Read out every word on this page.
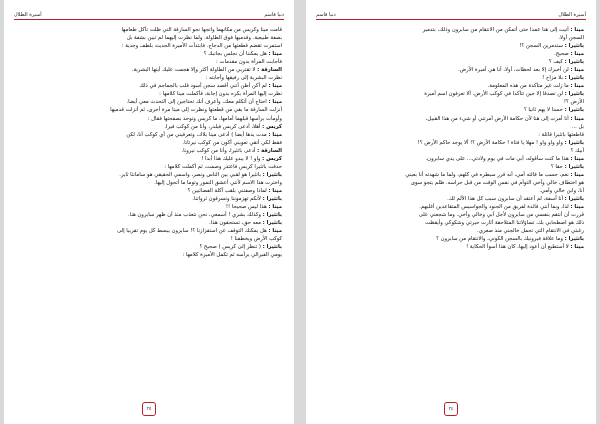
دنيا قاسم
أسيرة الظلال
قامت مينا وكريس من مكانهما واتجها نحو السارقة التي ظلت تأكل طعامها
بصفة طبيعية. وقدميها فوق الطاولة. ولما نظرت إليهما لم تبين بشفة بل
استمرت تقضم قطعتها من الدجاج. فابتدأت الأميرة الحديث بلطف وجدية :
مينا : هل يمكننا أن نجلس بجانبك ؟
فأجابت المرأة بدون مقدمات :
السارقة : لا تقتربي من الطاولة أكثر وإلا هجمت عليك أيتها البشرية.
نظرت البشرية إلى رفيقها وأجابته :
مينا : لم أكن أظن أنني أقصد سجن أسود قلب بالجماجم في ذلك
نظرت إليها المرأة بكره بدون إجابة، فأكملت مينا كلامها :
مينا : احتاج أن أتكلم معك، وأعرف أنك تحتاجين إلى التحدث معي أيضا.
أنزلت السارقة ما بقي من قطعتها ونظرت إلى مينا مرة أخرى، ثم أنزلت قدميها
وأومأت برأسها قبلهما أمامها، ما كريس وتوحد بصفحتها فقال :
كريس : أهلا، أدعى كريس فيلدر، وأنا من كوكب فيرا.
مينا : مدت يدها أيضا ) أدعى مينا بلاك، وتعرفيني من أي كوكب أنا، لكن
فقط لكي أتقي تعويني أكون من كوكب نيرتانا.
السارقة : أدعى باتثيرا، وأنا من كوكب نيرونا.
كريس : واو ! لا يبدو عليك هذا أبدا !
حدقت باتثيرا كريس فاعتذر وصمت، ثم أكملت كلامها :
باتثيرا : باتثيرا هو لقبي بين الناس ونصر، واسمي الحقيقي هو سامانثا ثاير.
واخترت هذا الاسم لأنني أعشق النمور وتوما ما أتحول إليها.
مينا : لماذا وصفتني بلقب آكلة الفضائيين ؟
باتثيرا : لأنكم تهزموننا وتسرقون ثرواتنا.
مينا : هذا ليس صحيحا !!
باتثيرا : وكذلك بشري ! أسمعي، نحن نتعذب منذ أن ظهر سابرون هنا.
باتثيرا : معه حق، تستحقون هذا.
مينا : هل يمكنك التوقف عن استفزازنا ؟! سابرون يبسط كل يوم تقريبا إلى
كوكب الأرض ويخطفنا !
باتثيرا : ( تنظر إلى كريس ) صحيح ؟
يومي الفيرالي برأسه ثم تكمل الأميرة كلامها :
٣٥
أسيرة الظلال
دنيا قاسم
مينا : أتيت إلى هنا عمدا حتى أتمكن من الانتقام من سابرون وذلك، بتدمير
السجن أولا.
باتثيرا : ستدمرين السجن ؟!
مينا : صحيح.
باتثيرا : كيف ؟
مينا : لن أخبرك إلا بعد لحظات، أولا، أنا هي أميرة الأرض.
باتثيرا : بلا مزاح !
مينا : ما زلت غير متأكدة من هذه المعلومة.
باتثيرا : لن تصدقا إلا حين تتأكدا في كوكب الأرض. ألا تعرفون اسم أميرة
الأرض ؟!
باتثيرا : حسنا لا يهم ثانيا ؟
مينا : أنا أمرت إلى هنا لأن حكامة الأرض أمرتني أو شيء من هذا القبيل،
بل ...
قاطعتها باتثيرا قائلة :
باتثيرا : واو واو واو ! مهلا يا فتاة ! حكامة الأرض ؟! ألا يوجد حاكم الأرض ؟!
أبيك ؟
مينا : هذا ما كنت سأقوله، أبي مات في يوم ولادتي... على يدي سابرون.
باتثيرا : حقا ؟
مينا : نعم، حسب ما قالته أمي، أنه قرر سيطره في كلهم، ولما ما شهدته أنا بعيني
هو اختطاف خالي وأخي التوأم في نفس الوقت من قبل حراسه. ظلم يتجو سوى
أنا، وابن خالي وأمي.
باتثيرا : أنا آسفة، لم أعتقد أن سابرون سبب كل هذا الألم لك.
مينا : لذا، وبما أنني قائدة لفريق من الجنود والجواسيس المتقاعدين أغلبهم.
قررت أن أنتقم بنفسي من سابرون لأجل أبي وخالي وأخي. وما شجعني على
ذلك هو اصطحابي بك، تساؤلاتنا المتلاحقة أثارت حيرتي وشكوكي وأيقظت
رغبتي في الانتقام التي تحمل خالجني منذ صغري.
باتثيرا : وما علاقة فيرونيك بالسجن الكوني، والانتقام من سابرون ؟
مينا : لا أستطيع أن أعود إليها، كان هذا أسوأ الحكاية !
٣٤
